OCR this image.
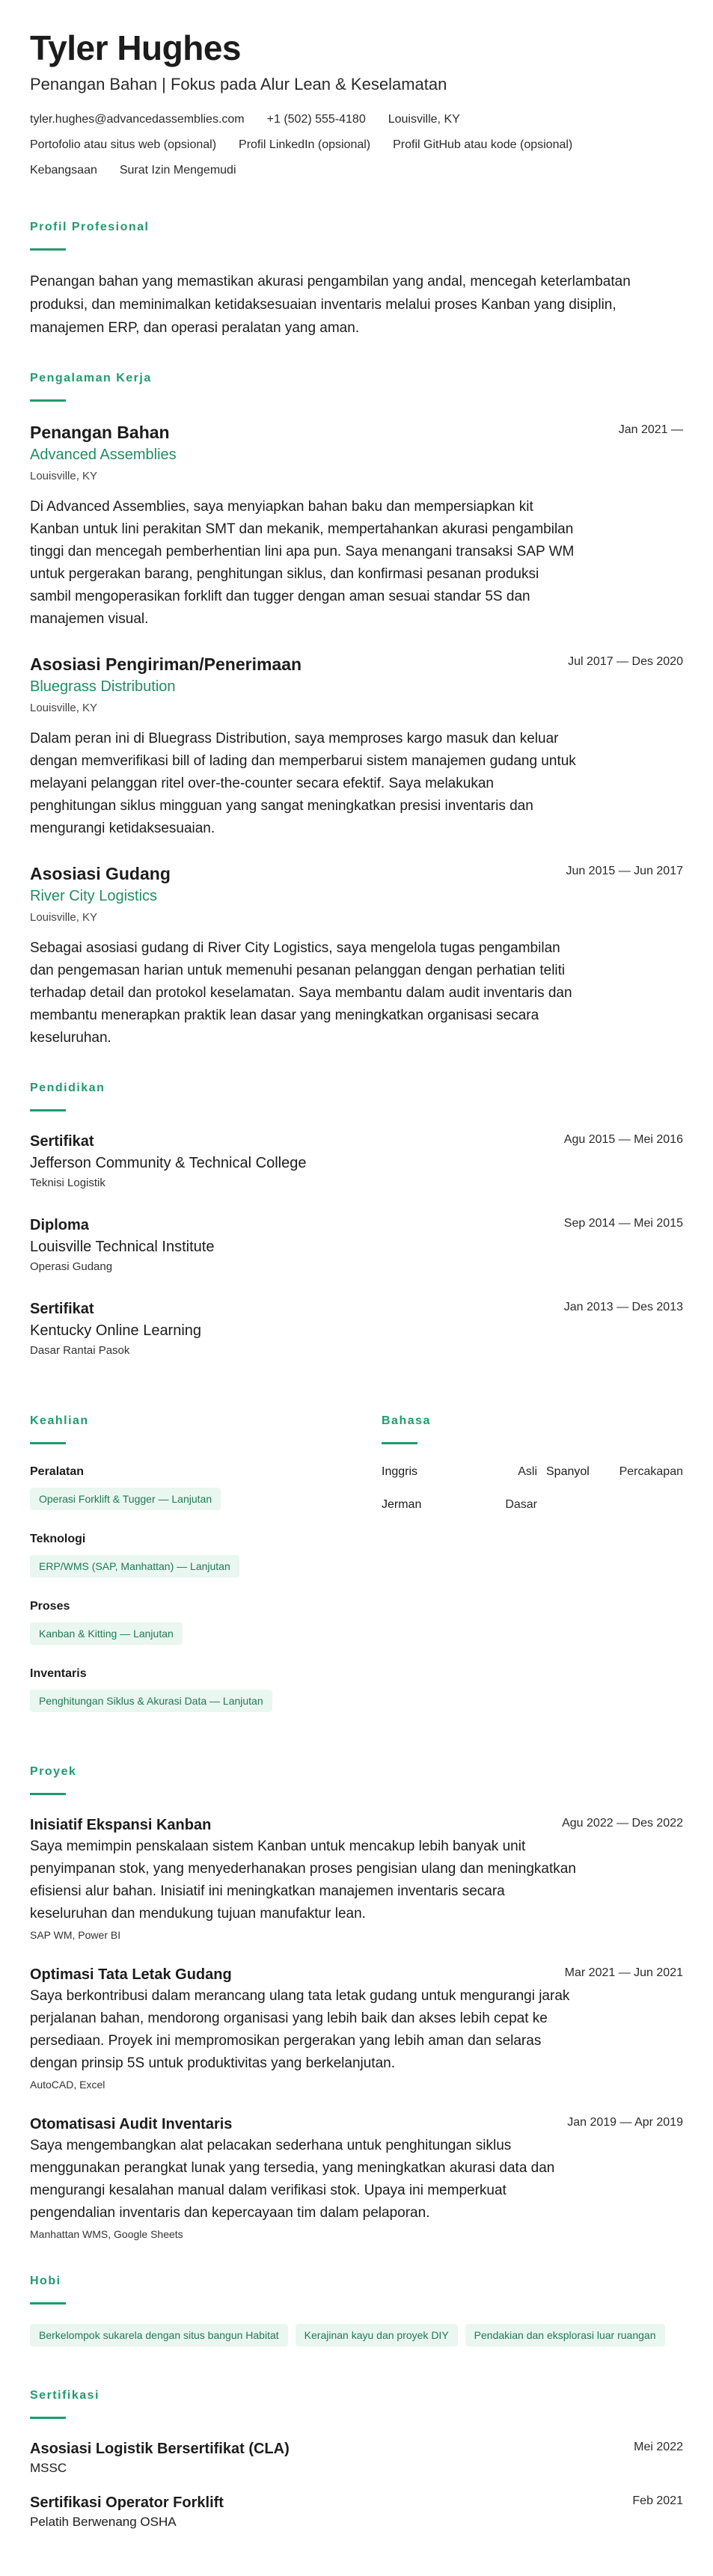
Tyler Hughes
Penangan Bahan | Fokus pada Alur Lean & Keselamatan
tyler.hughes@advancedassemblies.com +1 (502) 555-4180 Louisville, KY
Portofolio atau situs web (opsional) Profil LinkedIn (opsional) Profil GitHub atau kode (opsional)
Kebangsaan Surat Izin Mengemudi
Profil Profesional

Penangan bahan yang memastikan akurasi pengambilan yang andal, mencegah keterlambatan produksi, dan meminimalkan ketidaksesuaian inventaris melalui proses Kanban yang disiplin, manajemen ERP, dan operasi peralatan yang aman.

Pengalaman Kerja
Penangan Bahan	Jan 2021 —
Advanced Assemblies
Louisville, KY
Di Advanced Assemblies, saya menyiapkan bahan baku dan mempersiapkan kit Kanban untuk lini perakitan SMT dan mekanik, mempertahankan akurasi pengambilan tinggi dan mencegah pemberhentian lini apa pun. Saya menangani transaksi SAP WM untuk pergerakan barang, penghitungan siklus, dan konfirmasi pesanan produksi sambil mengoperasikan forklift dan tugger dengan aman sesuai standar 5S dan manajemen visual.
Asosiasi Pengiriman/Penerimaan	Jul 2017 — Des 2020
Bluegrass Distribution
Louisville, KY
Dalam peran ini di Bluegrass Distribution, saya memproses kargo masuk dan keluar dengan memverifikasi bill of lading dan memperbarui sistem manajemen gudang untuk melayani pelanggan ritel over-the-counter secara efektif. Saya melakukan penghitungan siklus mingguan yang sangat meningkatkan presisi inventaris dan mengurangi ketidaksesuaian.
Asosiasi Gudang	Jun 2015 — Jun 2017
River City Logistics
Louisville, KY
Sebagai asosiasi gudang di River City Logistics, saya mengelola tugas pengambilan dan pengemasan harian untuk memenuhi pesanan pelanggan dengan perhatian teliti terhadap detail dan protokol keselamatan. Saya membantu dalam audit inventaris dan membantu menerapkan praktik lean dasar yang meningkatkan organisasi secara keseluruhan.
Pendidikan
Sertifikat	Agu 2015 — Mei 2016
Jefferson Community & Technical College
Teknisi Logistik
Diploma	Sep 2014 — Mei 2015
Louisville Technical Institute
Operasi Gudang
Sertifikat	Jan 2013 — Des 2013
Kentucky Online Learning
Dasar Rantai Pasok
Keahlian
Peralatan
Operasi Forklift & Tugger — Lanjutan
Teknologi
ERP/WMS (SAP, Manhattan) — Lanjutan
Proses
Kanban & Kitting — Lanjutan
Inventaris
Penghitungan Siklus & Akurasi Data — Lanjutan
Bahasa
Inggris	Asli Spanyol Percakapan
Jerman	Dasar
Proyek
Inisiatif Ekspansi Kanban	Agu 2022 — Des 2022
Saya memimpin penskalaan sistem Kanban untuk mencakup lebih banyak unit penyimpanan stok, yang menyederhanakan proses pengisian ulang dan meningkatkan efisiensi alur bahan. Inisiatif ini meningkatkan manajemen inventaris secara keseluruhan dan mendukung tujuan manufaktur lean.
SAP WM, Power BI
Optimasi Tata Letak Gudang	Mar 2021 — Jun 2021
Saya berkontribusi dalam merancang ulang tata letak gudang untuk mengurangi jarak perjalanan bahan, mendorong organisasi yang lebih baik dan akses lebih cepat ke persediaan. Proyek ini mempromosikan pergerakan yang lebih aman dan selaras dengan prinsip 5S untuk produktivitas yang berkelanjutan.
AutoCAD, Excel
Otomatisasi Audit Inventaris	Jan 2019 — Apr 2019
Saya mengembangkan alat pelacakan sederhana untuk penghitungan siklus menggunakan perangkat lunak yang tersedia, yang meningkatkan akurasi data dan mengurangi kesalahan manual dalam verifikasi stok. Upaya ini memperkuat pengendalian inventaris dan kepercayaan tim dalam pelaporan.
Manhattan WMS, Google Sheets
Hobi
Berkelompok sukarela dengan situs bangun Habitat	Kerajinan kayu dan proyek DIY	Pendakian dan eksplorasi luar ruangan
Sertifikasi
Asosiasi Logistik Bersertifikat (CLA)	Mei 2022
MSSC
Sertifikasi Operator Forklift	Feb 2021
Pelatih Berwenang OSHA
